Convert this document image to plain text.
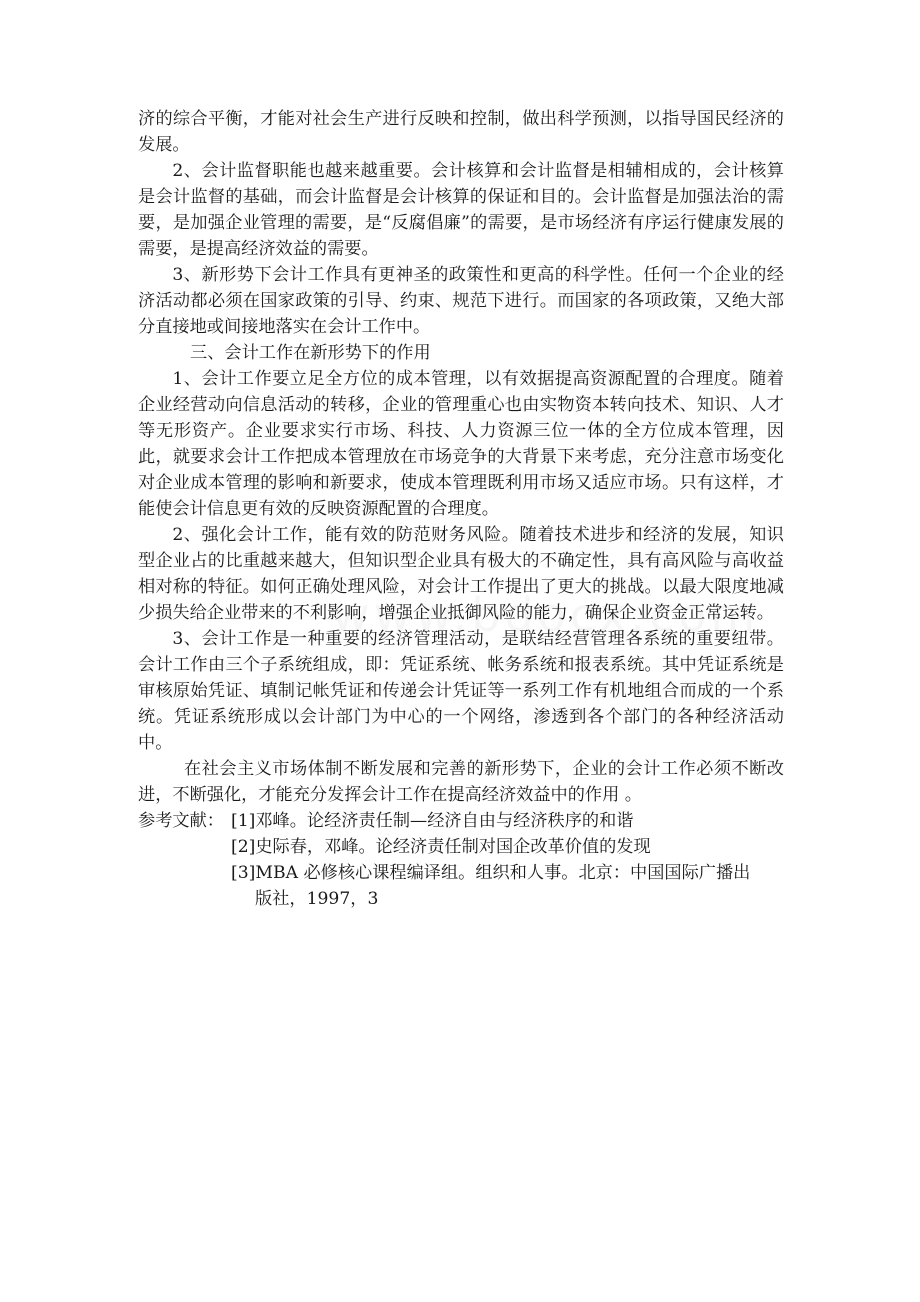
济的综合平衡，才能对社会生产进行反映和控制，做出科学预测，以指导国民经济的发展。

2、会计监督职能也越来越重要。会计核算和会计监督是相辅相成的，会计核算是会计监督的基础，而会计监督是会计核算的保证和目的。会计监督是加强法治的需要，是加强企业管理的需要，是“反腐倡廉”的需要，是市场经济有序运行健康发展的需要，是提高经济效益的需要。

3、新形势下会计工作具有更神圣的政策性和更高的科学性。任何一个企业的经济活动都必须在国家政策的引导、约束、规范下进行。而国家的各项政策，又绝大部分直接地或间接地落实在会计工作中。

三、会计工作在新形势下的作用

1、会计工作要立足全方位的成本管理，以有效据提高资源配置的合理度。随着企业经营动向信息活动的转移，企业的管理重心也由实物资本转向技术、知识、人才等无形资产。企业要求实行市场、科技、人力资源三位一体的全方位成本管理，因此，就要求会计工作把成本管理放在市场竞争的大背景下来考虑，充分注意市场变化对企业成本管理的影响和新要求，使成本管理既利用市场又适应市场。只有这样，才能使会计信息更有效的反映资源配置的合理度。

2、强化会计工作，能有效的防范财务风险。随着技术进步和经济的发展，知识型企业占的比重越来越大，但知识型企业具有极大的不确定性，具有高风险与高收益相对称的特征。如何正确处理风险，对会计工作提出了更大的挑战。以最大限度地减少损失给企业带来的不利影响，增强企业抵御风险的能力，确保企业资金正常运转。

3、会计工作是一种重要的经济管理活动，是联结经营管理各系统的重要纽带。会计工作由三个子系统组成，即：凭证系统、帐务系统和报表系统。其中凭证系统是审核原始凭证、填制记帐凭证和传递会计凭证等一系列工作有机地组合而成的一个系统。凭证系统形成以会计部门为中心的一个网络，渗透到各个部门的各种经济活动中。

在社会主义市场体制不断发展和完善的新形势下，企业的会计工作必须不断改进，不断强化，才能充分发挥会计工作在提高经济效益中的作用 。

参考文献： [1]邓峰。论经济责任制—经济自由与经济秩序的和谐
[2]史际春，邓峰。论经济责任制对国企改革价值的发现
[3]MBA 必修核心课程编译组。组织和人事。北京：中国国际广播出
版社，1997，3
